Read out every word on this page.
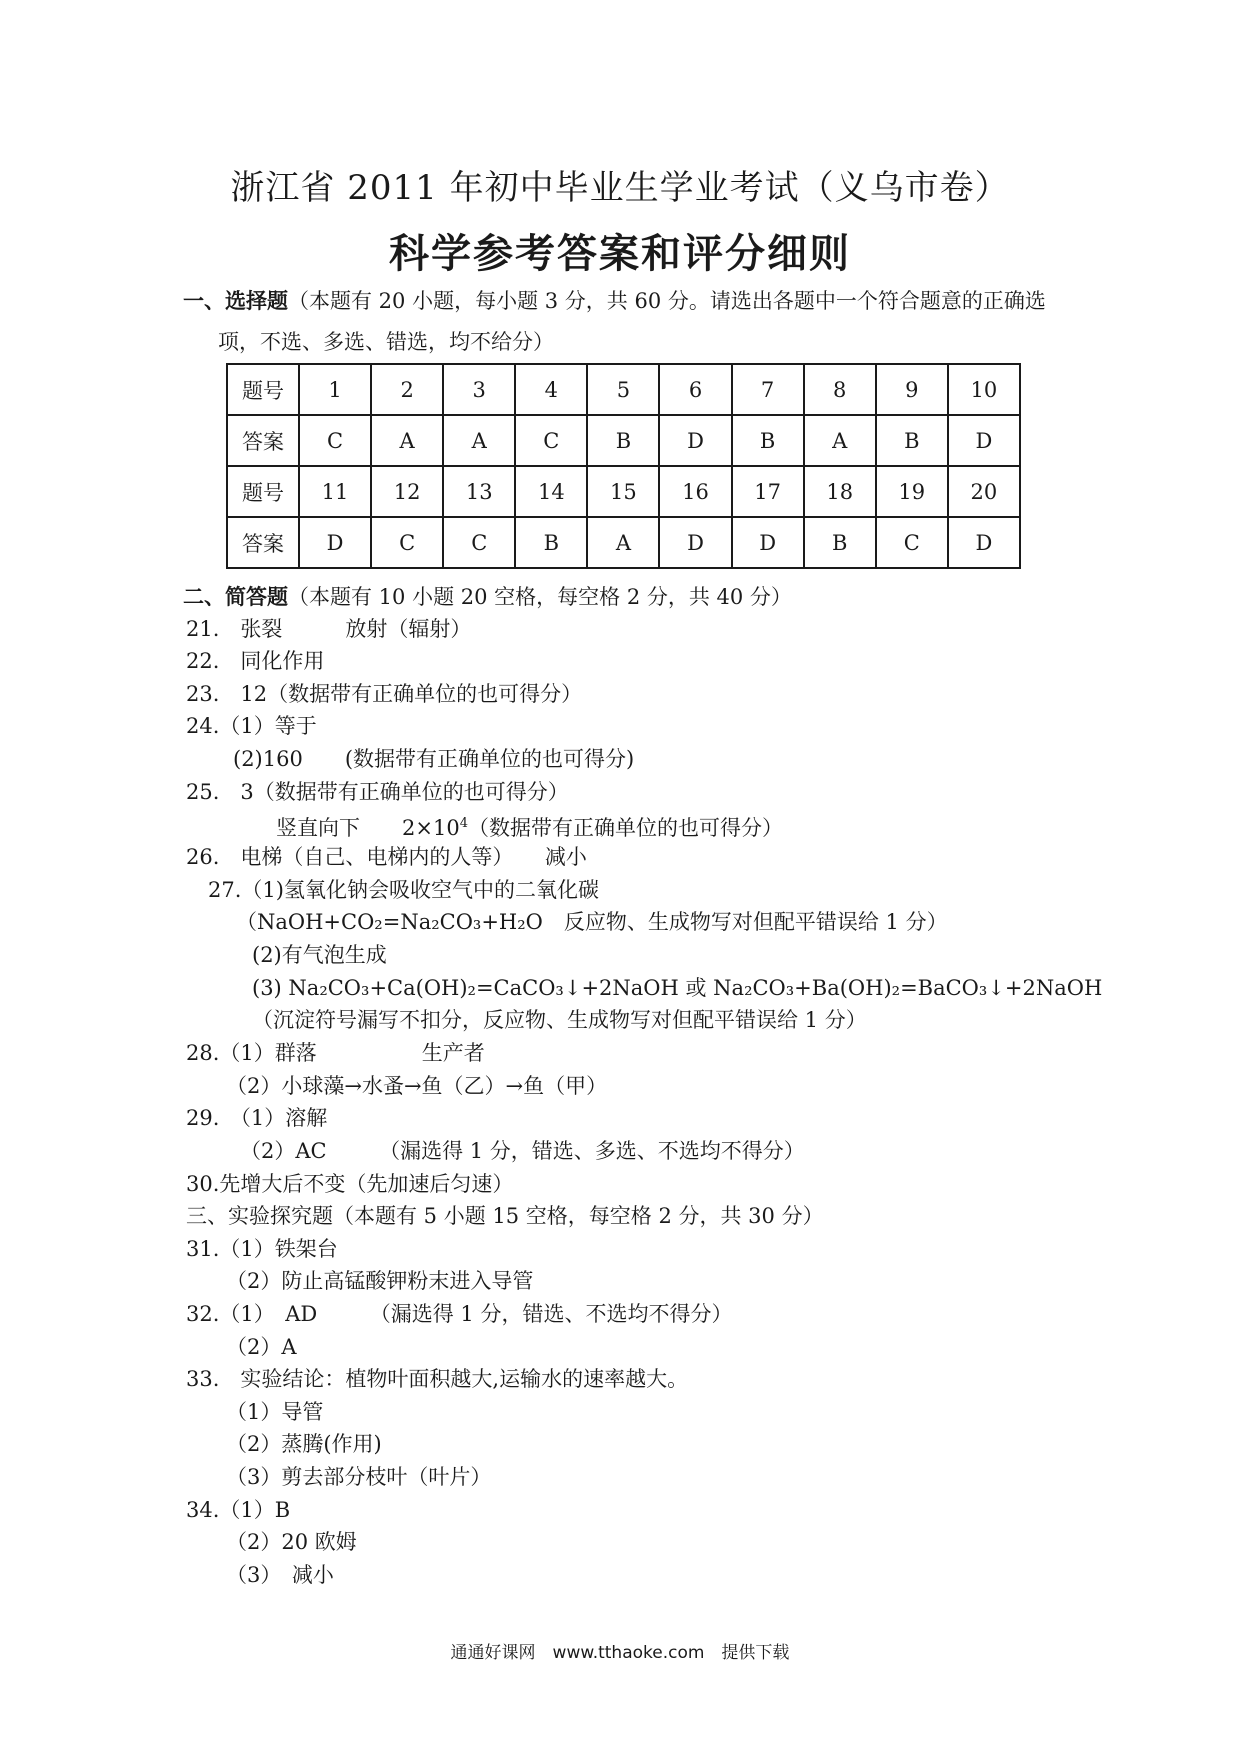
浙江省 2011 年初中毕业生学业考试（义乌市卷）
科学参考答案和评分细则
一、选择题（本题有 20 小题，每小题 3 分，共 60 分。请选出各题中一个符合题意的正确选
项，不选、多选、错选，均不给分）
题号	1	2	3	4	5	6	7	8	9	10
答案	C	A	A	C	B	D	B	A	B	D
题号	11	12	13	14	15	16	17	18	19	20
答案	D	C	C	B	A	D	D	B	C	D
二、简答题（本题有 10 小题 20 空格，每空格 2 分，共 40 分）
21.　张裂　　　放射（辐射）
22.　同化作用
23.　12（数据带有正确单位的也可得分）
24.（1）等于
(2)160　　(数据带有正确单位的也可得分)
25.　3（数据带有正确单位的也可得分）
竖直向下　　$2\times 10^4$（数据带有正确单位的也可得分）
26.　电梯（自己、电梯内的人等）　　减小
27.（1)氢氧化钠会吸收空气中的二氧化碳
（NaOH+CO₂=Na₂CO₃+H₂O　反应物、生成物写对但配平错误给 1 分）
(2)有气泡生成
(3) Na₂CO₃+Ca(OH)₂=CaCO₃↓+2NaOH 或 Na₂CO₃+Ba(OH)₂=BaCO₃↓+2NaOH
（沉淀符号漏写不扣分，反应物、生成物写对但配平错误给 1 分）
28.（1）群落　　　　　生产者
（2）小球藻→水蚤→鱼（乙）→鱼（甲）
29.　（1）溶解
（2）AC　　　（漏选得 1 分，错选、多选、不选均不得分）
30.先增大后不变（先加速后匀速）
三、实验探究题（本题有 5 小题 15 空格，每空格 2 分，共 30 分）
31.（1）铁架台
（2）防止高锰酸钾粉末进入导管
32.（1）　AD　　　（漏选得 1 分，错选、不选均不得分）
（2）A
33.　实验结论：植物叶面积越大,运输水的速率越大。
（1）导管
（2）蒸腾(作用)
（3）剪去部分枝叶（叶片）
34.（1）B
（2）20 欧姆
（3）　减小
通通好课网　www.tthaoke.com　提供下载
